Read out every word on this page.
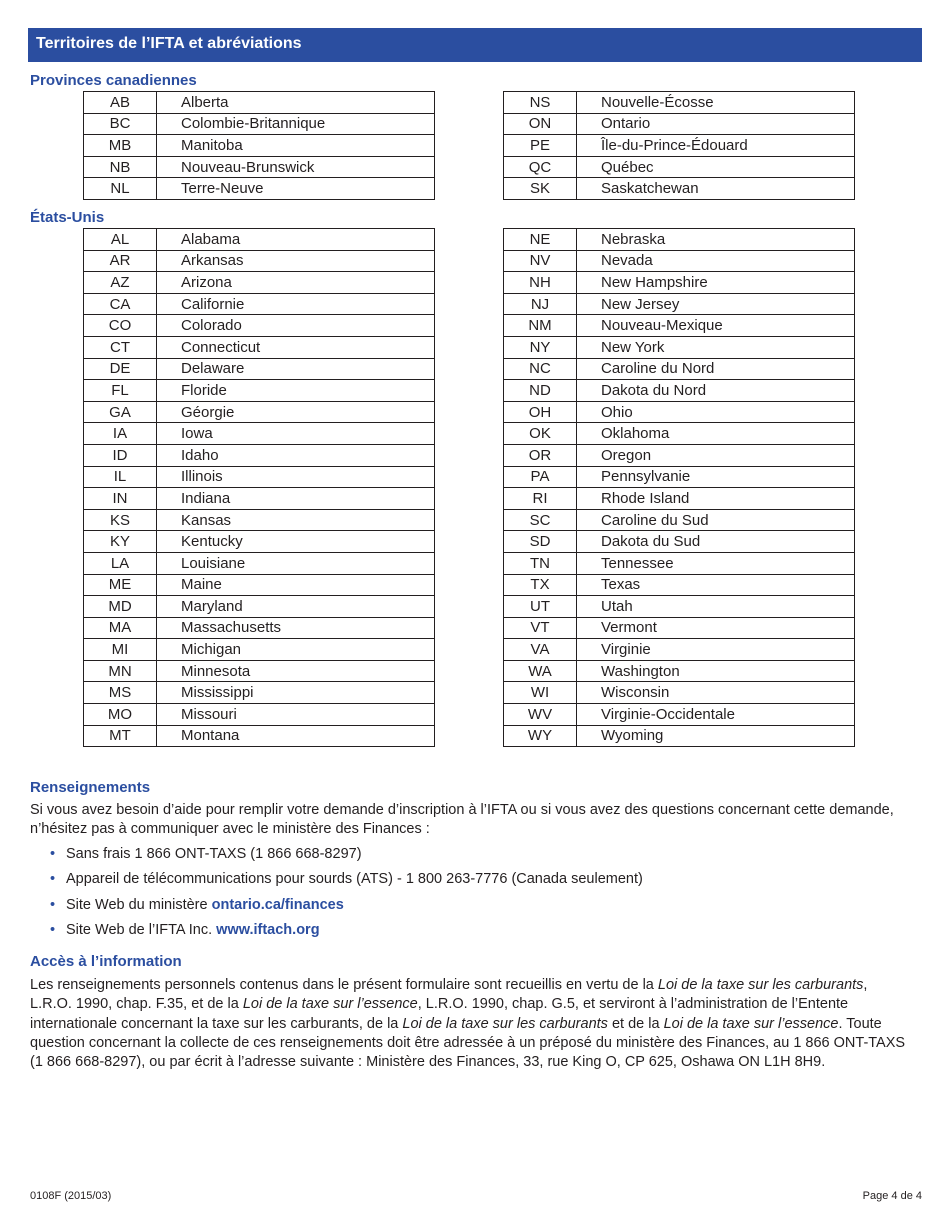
Territoires de l’IFTA et abréviations
Provinces canadiennes
AB	Alberta
BC	Colombie-Britannique
MB	Manitoba
NB	Nouveau-Brunswick
NL	Terre-Neuve
NS	Nouvelle-Écosse
ON	Ontario
PE	Île-du-Prince-Édouard
QC	Québec
SK	Saskatchewan
États-Unis
AL	Alabama
AR	Arkansas
AZ	Arizona
CA	Californie
CO	Colorado
CT	Connecticut
DE	Delaware
FL	Floride
GA	Géorgie
IA	Iowa
ID	Idaho
IL	Illinois
IN	Indiana
KS	Kansas
KY	Kentucky
LA	Louisiane
ME	Maine
MD	Maryland
MA	Massachusetts
MI	Michigan
MN	Minnesota
MS	Mississippi
MO	Missouri
MT	Montana
NE	Nebraska
NV	Nevada
NH	New Hampshire
NJ	New Jersey
NM	Nouveau-Mexique
NY	New York
NC	Caroline du Nord
ND	Dakota du Nord
OH	Ohio
OK	Oklahoma
OR	Oregon
PA	Pennsylvanie
RI	Rhode Island
SC	Caroline du Sud
SD	Dakota du Sud
TN	Tennessee
TX	Texas
UT	Utah
VT	Vermont
VA	Virginie
WA	Washington
WI	Wisconsin
WV	Virginie-Occidentale
WY	Wyoming
Renseignements
Si vous avez besoin d’aide pour remplir votre demande d’inscription à l’IFTA ou si vous avez des questions concernant cette demande, n’hésitez pas à communiquer avec le ministère des Finances :
• Sans frais 1 866 ONT-TAXS (1 866 668-8297)
• Appareil de télécommunications pour sourds (ATS) - 1 800 263-7776 (Canada seulement)
• Site Web du ministère ontario.ca/finances
• Site Web de l’IFTA Inc. www.iftach.org
Accès à l’information
Les renseignements personnels contenus dans le présent formulaire sont recueillis en vertu de la Loi de la taxe sur les carburants, L.R.O. 1990, chap. F.35, et de la Loi de la taxe sur l’essence, L.R.O. 1990, chap. G.5, et serviront à l’administration de l’Entente internationale concernant la taxe sur les carburants, de la Loi de la taxe sur les carburants et de la Loi de la taxe sur l’essence. Toute question concernant la collecte de ces renseignements doit être adressée à un préposé du ministère des Finances, au 1 866 ONT-TAXS (1 866 668-8297), ou par écrit à l’adresse suivante : Ministère des Finances, 33, rue King O, CP 625, Oshawa ON L1H 8H9.
0108F (2015/03)	Page 4 de 4
